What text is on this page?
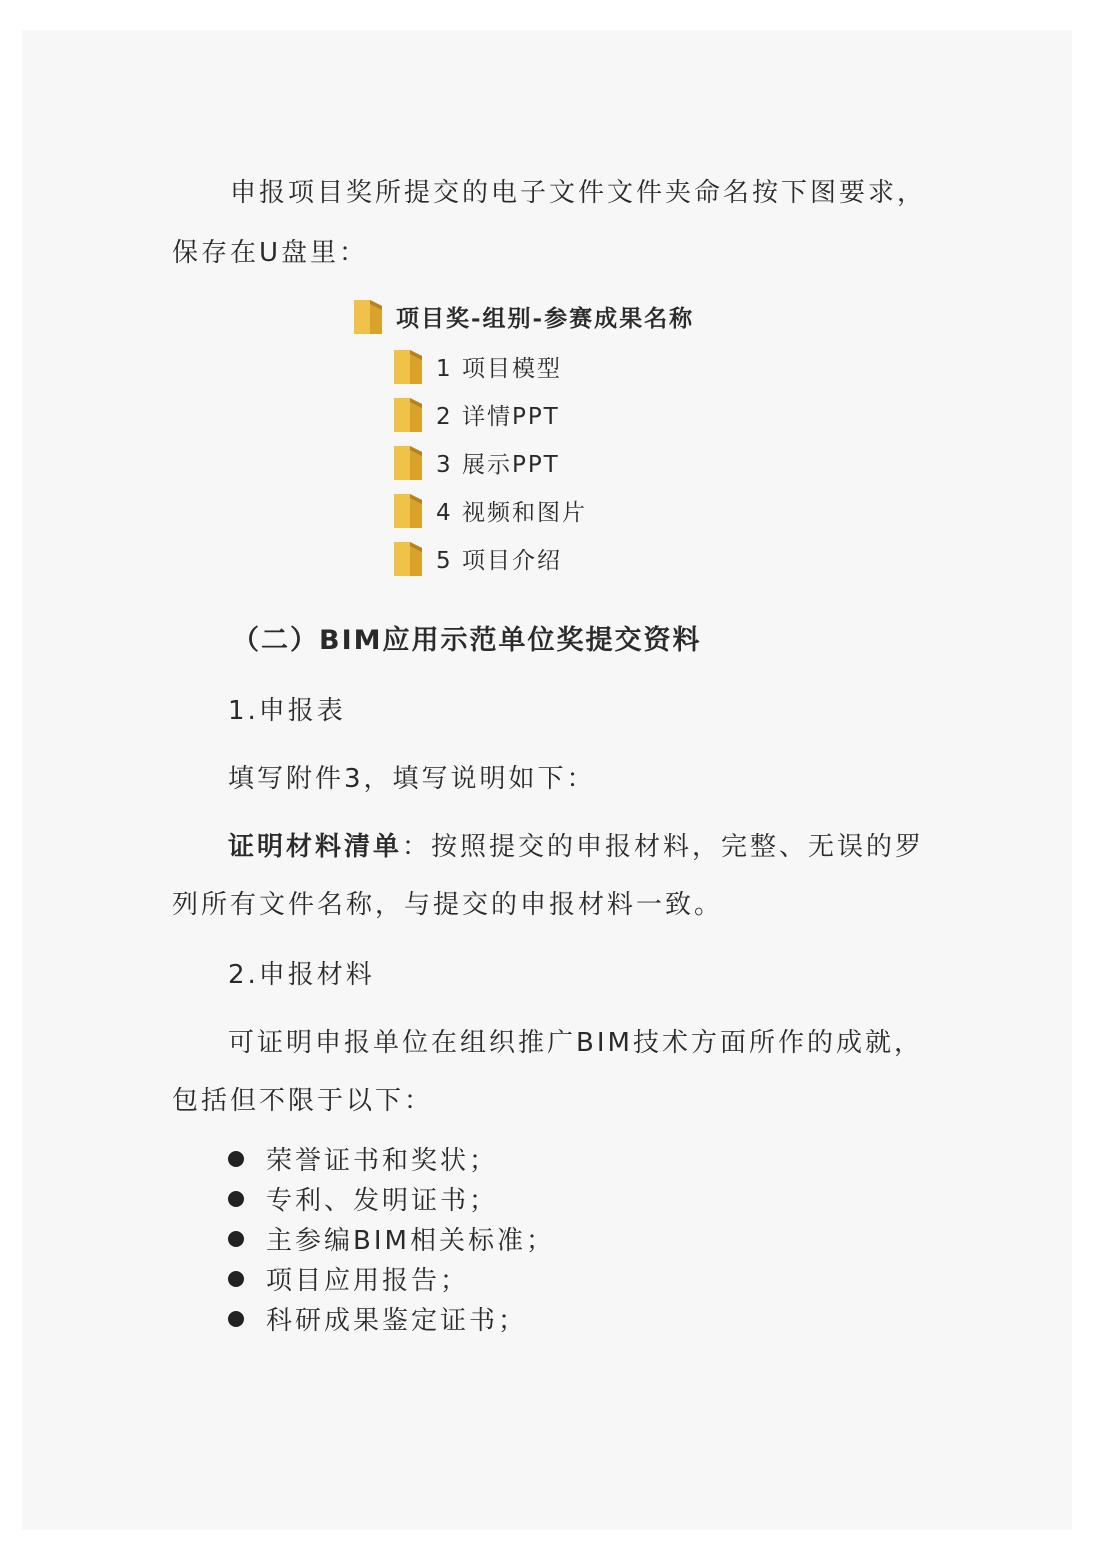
申报项目奖所提交的电子文件文件夹命名按下图要求，
保存在U盘里：
项目奖-组别-参赛成果名称
1 项目模型
2 详情PPT
3 展示PPT
4 视频和图片
5 项目介绍
（二）BIM应用示范单位奖提交资料
1.申报表
填写附件3，填写说明如下：
证明材料清单：按照提交的申报材料，完整、无误的罗
列所有文件名称，与提交的申报材料一致。
2.申报材料
可证明申报单位在组织推广BIM技术方面所作的成就，
包括但不限于以下：
荣誉证书和奖状；
专利、发明证书；
主参编BIM相关标准；
项目应用报告；
科研成果鉴定证书；
